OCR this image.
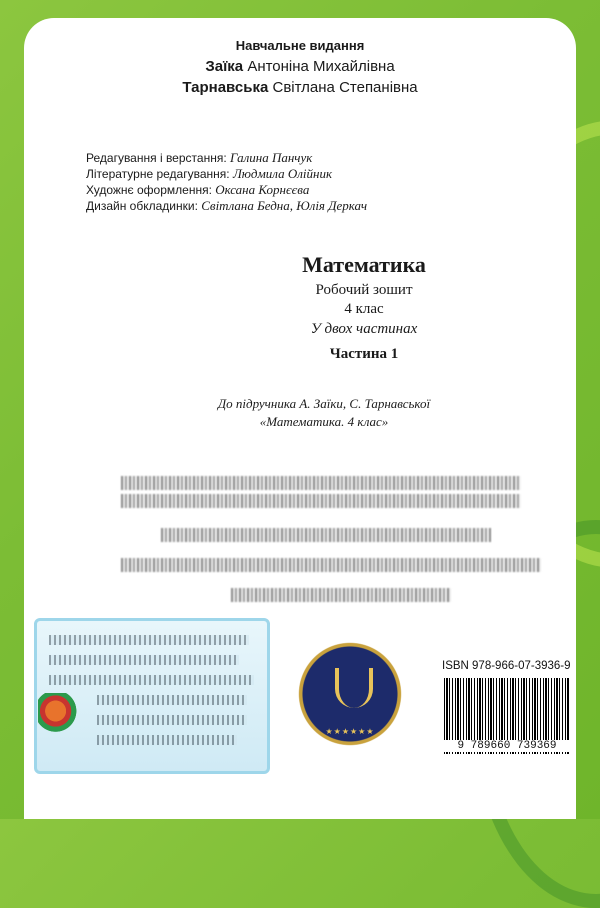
Навчальне видання
Заїка Антоніна Михайлівна
Тарнавська Світлана Степанівна
Редагування і верстання: Галина Панчук
Літературне редагування: Людмила Олійник
Художнє оформлення: Оксана Корнєєва
Дизайн обкладинки: Світлана Бедна, Юлія Деркач
Математика
Робочий зошит
4 клас
У двох частинах
Частина 1
До підручника А. Заїки, С. Тарнавської
«Математика. 4 клас»
★★★★★★
ISBN 978-966-07-3936-9
9 789660 739369
